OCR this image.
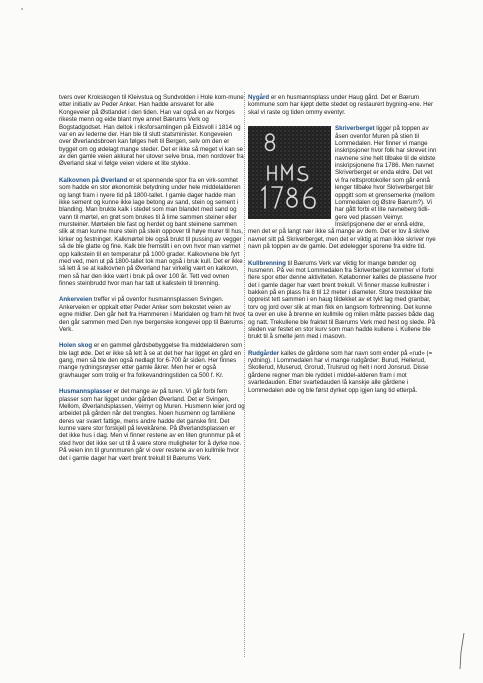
tvers over Krokskogen til Kleivstua og Sundvolden i Hole kom-mune etter initiativ av Peder Anker. Han hadde ansvaret for alle Kongeveier på Østlandet i den tiden. Han var også en av Norges rikeste menn og eide blant mye annet Bærums Verk og Bogstadgodset. Han deltok i riksforsamlingen på Eidsvoll i 1814 og var en av lederne der. Han ble til slutt statsminister. Kongeveien over Øverlandsbroen kan følges helt til Bergen, selv om den er bygget om og ødelagt mange steder. Det er ikke så meget vi kan se av den gamle veien akkurat her utover selve brua, men nordover fra Øverland skal vi følge veien videre et lite stykke.

Kalkovnen på Øverland er et spennende spor fra en virk-somhet som hadde en stor økonomisk betydning under hele middelalderen og langt fram i nyere tid på 1800-tallet. I gamle dager hadde man ikke sement og kunne ikke lage betong av sand, stein og sement i blanding. Man brukte kalk i stedet som man blandet med sand og vann til mørtel, en grøt som brukes til å lime sammen steiner eller mursteiner. Mørtelen ble fast og herdet og bant steinene sammen slik at man kunne mure stein på stein oppover til høye murer til hus, kirker og festninger. Kalkmørtel ble også brukt til pussing av vegger så de ble glatte og fine. Kalk ble fremstilt i en ovn hvor man varmet opp kalkstein til en temperatur på 1000 grader. Kalkovnene ble fyrt med ved, men ut på 1800-tallet tok man også i bruk kull. Det er ikke så lett å se at kalkovnen på Øverland har virkelig vært en kalkovn, men så har den ikke vært i bruk på over 100 år. Tett ved ovnen finnes steinbrudd hvor man har tatt ut kalkstein til brenning.

Ankerveien treffer vi på ovenfor husmannsplassen Svingen. Ankerveien er oppkalt etter Peder Anker som bekostet veien av egne midler. Den går helt fra Hammeren i Maridalen og fram hit hvor den går sammen med Den nye bergenske kongevei opp til Bærums Verk.

Holen skog er en gammel gårdsbebyggelse fra middelalderen som ble lagt øde. Det er ikke så lett å se at det her har ligget en gård en gang, men så ble den også nedlagt for 6-700 år siden. Her finnes mange rydningsrøyser etter gamle åkrer. Men her er også gravhauger som trolig er fra folkevandringstiden ca 500 f. Kr.

Husmannsplasser er det mange av på turen. Vi går forbi fem plasser som har ligget under gården Øverland. Det er Svingen, Mellom, Øverlandsplassen, Veimyr og Muren. Husmenn leier jord og arbeidet på gården når det trengtes. Noen husmenn og familiene deres var svært fattige, mens andre hadde det ganske fint. Det kunne være stor forskjell på levekårene. På Øverlandsplassen er det ikke hus i dag. Men vi finner restene av en liten grunnmur på et sted hvor det ikke ser ut til å være store muligheter for å dyrke noe. På veien inn til grunnmuren går vi over restene av en kullmile hvor det i gamle dager har vært brent trekull til Bærums Verk.

Nygård er en husmannsplass under Haug gård. Det er Bærum kommune som har kjøpt dette stedet og restaurert bygning-ene. Her skal vi raste og tiden ommy eventyr.

Skriverberget ligger på toppen av åsen ovenfor Muren på stien til Lommedalen. Her finner vi mange inskripsjoner hvor folk har skrevet inn navnene sine helt tilbake til de eldste inskripsjonene fra 1786. Men navnet Skriverberget er enda eldre. Det vet vi fra rettsprotokoller som går ennå lenger tilbake hvor Skriverberget blir oppgitt som et grensemerke (mellom Lommedalen og Østre Bærum?). Vi har gått forbi et lite navneberg tidli-gere ved plassen Veimyr. Inskripsjonene der er ennå eldre, men det er på langt nær ikke så mange av dem. Det er lov å skrive navnet sitt på Skriverberget, men det er viktig at man ikke skriver nye navn på toppen av de gamle. Det ødelegger sporene fra eldre tid.

Kullbrenning til Bærums Verk var viktig for mange bønder og husmenn. På vei mot Lommedalen fra Skriverberget kommer vi forbi flere spor etter denne aktiviteten. Kølabonner kalles de plassene hvor det i gamle dager har vært brent trekull. Vi finner masse kullrester i bakken på en plass fra 8 til 12 meter i diameter. Store trestokker ble oppreist tett sammen i en haug tildekket av et tykt lag med granbar, torv og jord over slik at man fikk en langsom forbrenning. Det kunne ta over en uke å brenne en kullmile og milen måtte passes både dag og natt. Trekullene ble fraktet til Bærums Verk med hest og slede. På sleden var festet en stor kurv som man hadde kullene i. Kullene ble brukt til å smelte jern med i masovn.

Rudgårder kalles de gårdene som har navn som ender på «rud» (= rydning). I Lommedalen har vi mange rudgårder: Burud, Hellerud, Skollerud, Muserud, Grorud, Trulsrud og helt i nord Jonsrud. Disse gårdene regner man ble ryddet i middel-alderen fram i mot svartedauden. Etter svartedauden lå kanskje alle gårdene i Lommedalen øde og ble først dyrket opp igjen lang tid etterpå.
